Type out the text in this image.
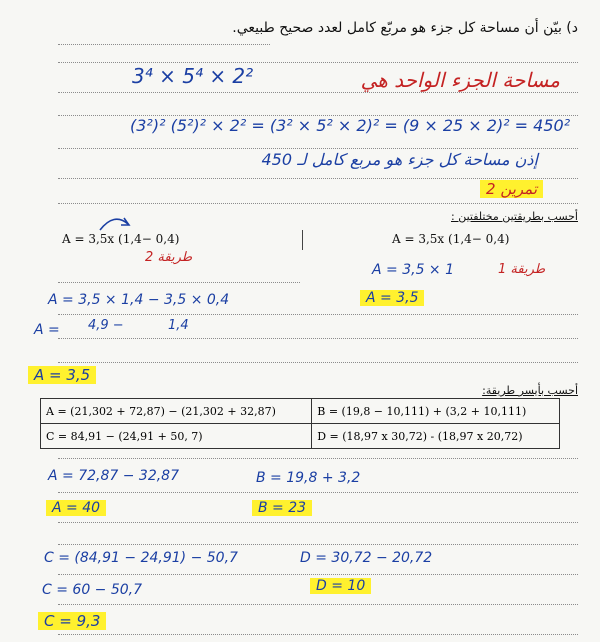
د) بيّن أن مساحة كل جزء هو مربّع كامل لعدد صحيح طبيعي.
3⁴ × 5⁴ × 2²	مساحة الجزء الواحد هي
(3²)² (5²)² × 2² = (3² × 5² × 2)² = (9 × 25 × 2)² = 450²
إذن مساحة كل جزء هو مربع كامل لـ 450
تمرين 2
أحسب بطريقتين مختلفتين :
A = 3,5x (1,4− 0,4)	A = 3,5x (1,4− 0,4)
طريقة 2
طريقة 1
A = 3,5 × 1
A = 3,5 × 1,4 − 3,5 × 0,4	A = 3,5
A = 4,9 −	1,4
A = 3,5
أحسب بأيسر طريقة:
A = (21,302 + 72,87) − (21,302 + 32,87)	B = (19,8 − 10,111) + (3,2 + 10,111)
C = 84,91 − (24,91 + 50, 7)	D = (18,97 x 30,72) - (18,97 x 20,72)
A = 72,87 − 32,87	B = 19,8 + 3,2
A = 40	B = 23
C = (84,91 − 24,91) − 50,7	D = 30,72 − 20,72
C = 60 − 50,7	D = 10
C = 9,3
